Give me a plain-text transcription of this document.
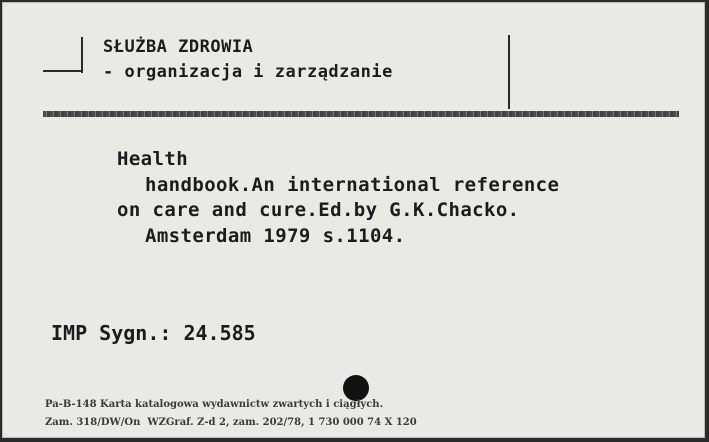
SŁUŻBA ZDROWIA
- organizacja i zarządzanie
Health
handbook.An international reference
on care and cure.Ed.by G.K.Chacko.
Amsterdam 1979 s.1104.
IMP Sygn.: 24.585
Pa-B-148 Karta katalogowa wydawnictw zwartych i ciągłych.
Zam. 318/DW/On  WZGraf. Z-d 2, zam. 202/78, 1 730 000 74 X 120
